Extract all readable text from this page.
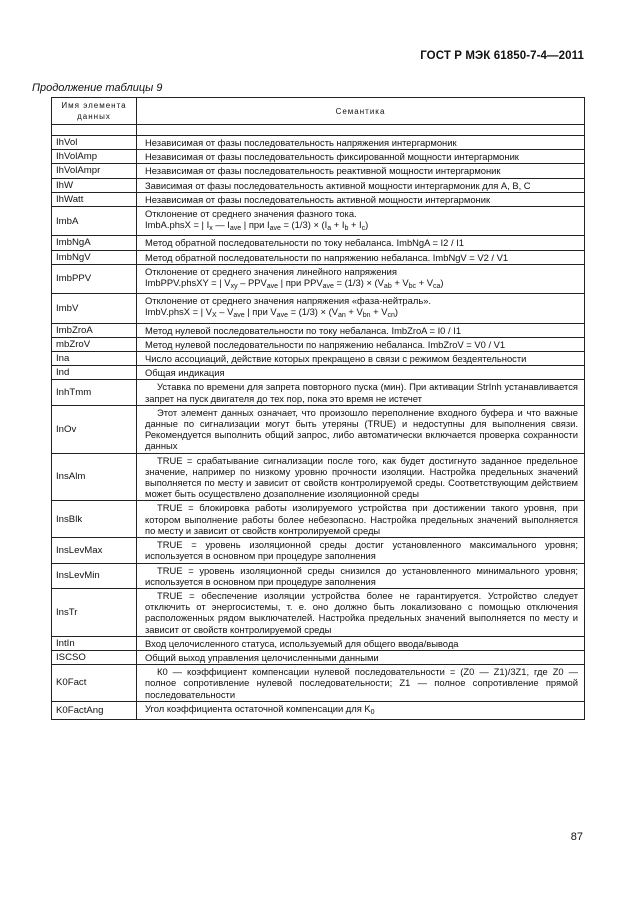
ГОСТ Р МЭК 61850-7-4—2011
Продолжение таблицы 9
Имя элемента данных	Семантика

IhVol	Независимая от фазы последовательность напряжения интергармоник
IhVolAmp	Независимая от фазы последовательность фиксированной мощности интергармоник
IhVolAmpr	Независимая от фазы последовательность реактивной мощности интергармоник
IhW	Зависимая от фазы последовательность активной мощности интергармоник для А, В, С
IhWatt	Независимая от фазы последовательность активной мощности интергармоник
ImbA	Отклонение от среднего значения фазного тока.
ImbA.phsX = | $I_x$ — $I_{ave}$ | при $I_{ave} = (1/3) \times (I_a + I_b + I_c)$
ImbNgA	Метод обратной последовательности по току небаланса. ImbNgA = I2 / I1
ImbNgV	Метод обратной последовательности по напряжению небаланса. ImbNgV = V2 / V1
ImbPPV	Отклонение от среднего значения линейного напряжения
ImbPPV.phsXY = | $V_{xy} - PPV_{ave}$ | при $PPV_{ave} = (1/3) \times (V_{ab} + V_{bc} + V_{ca})$
ImbV	Отклонение от среднего значения напряжения «фаза-нейтраль».
ImbV.phsX = | $V_X - V_{ave}$ | при $V_{ave} = (1/3) \times (V_{an} + V_{bn} + V_{cn})$
ImbZroA	Метод нулевой последовательности по току небаланса. ImbZroA = I0 / I1
mbZroV	Метод нулевой последовательности по напряжению небаланса. ImbZroV = V0 / V1
Ina	Число ассоциаций, действие которых прекращено в связи с режимом бездеятельности
Ind	Общая индикация
InhTmm	Уставка по времени для запрета повторного пуска (мин). При активации StrInh устанавливается запрет на пуск двигателя до тех пор, пока это время не истечет
InOv	Этот элемент данных означает, что произошло переполнение входного буфера и что важные данные по сигнализации могут быть утеряны (TRUE) и недоступны для выполнения связи. Рекомендуется выполнить общий запрос, либо автоматически включается проверка сохранности данных
InsAlm	TRUE = срабатывание сигнализации после того, как будет достигнуто заданное предельное значение, например по низкому уровню прочности изоляции. Настройка предельных значений выполняется по месту и зависит от свойств контролируемой среды. Соответствующим действием может быть осуществлено дозаполнение изоляционной среды
InsBlk	TRUE = блокировка работы изолируемого устройства при достижении такого уровня, при котором выполнение работы более небезопасно. Настройка предельных значений выполняется по месту и зависит от свойств контролируемой среды
InsLevMax	TRUE = уровень изоляционной среды достиг установленного максимального уровня; используется в основном при процедуре заполнения
InsLevMin	TRUE = уровень изоляционной среды снизился до установленного минимального уровня; используется в основном при процедуре заполнения
InsTr	TRUE = обеспечение изоляции устройства более не гарантируется. Устройство следует отключить от энергосистемы, т. е. оно должно быть локализовано с помощью отключения расположенных рядом выключателей. Настройка предельных значений выполняется по месту и зависит от свойств контролируемой среды
IntIn	Вход целочисленного статуса, используемый для общего ввода/вывода
ISCSO	Общий выход управления целочисленными данными
K0Fact	К0 — коэффициент компенсации нулевой последовательности = (Z0 — Z1)/3Z1, где Z0 — полное сопротивление нулевой последовательности; Z1 — полное сопротивление прямой последовательности
K0FactAng	Угол коэффициента остаточной компенсации для $K_0$
87
